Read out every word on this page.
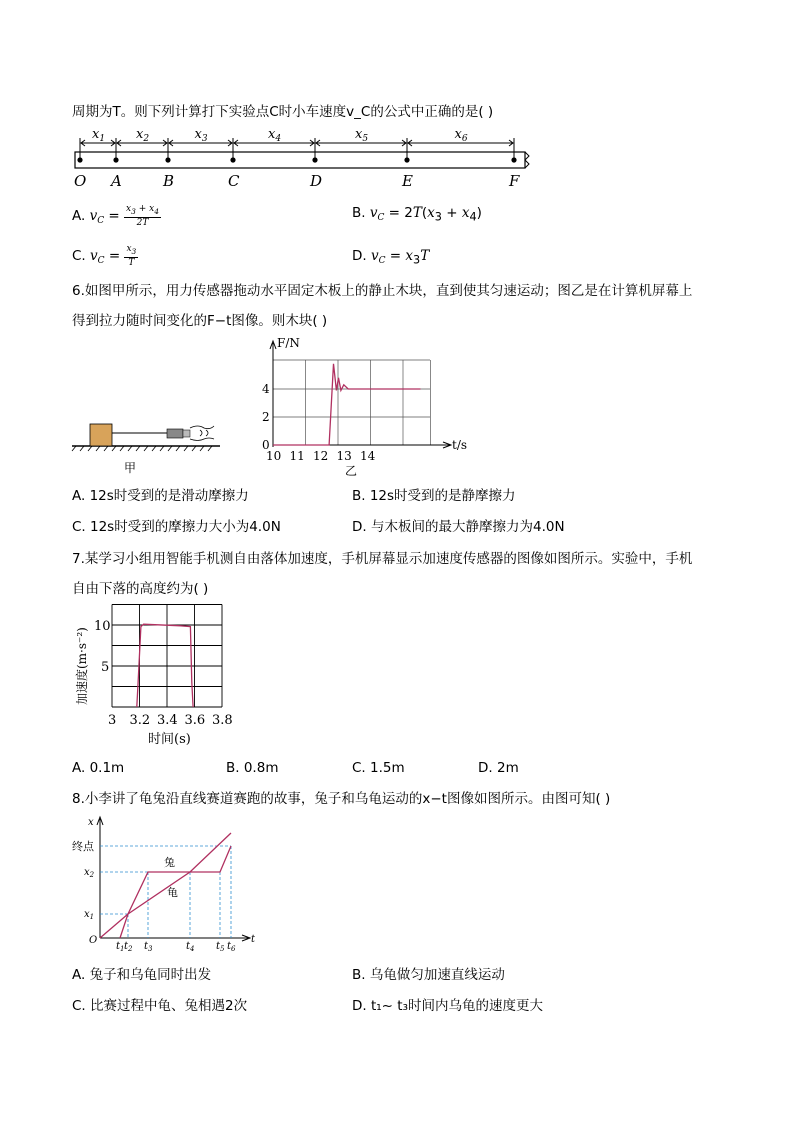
周期为T。则下列计算打下实验点C时小车速度v_C的公式中正确的是( )
O A	B	C	D	E	F
$x_1$ $x_2$	$x_3$	$x_4$	$x_5$	$x_6$
A. $v_C = \frac{x_3 + x_4}{2T}$	B. $v_C = 2T(x_3 + x_4)$
C. $v_C = \frac{x_3}{T}$	D. $v_C = x_3T$
6.如图甲所示，用力传感器拖动水平固定木板上的静止木块，直到使其匀速运动；图乙是在计算机屏幕上
得到拉力随时间变化的F−t图像。则木块( )
甲
F/N
t/s
10 11 12 13 14
0
2
4
乙
A. 12s时受到的是滑动摩擦力	B. 12s时受到的是静摩擦力
C. 12s时受到的摩擦力大小为4.0N	D. 与木板间的最大静摩擦力为4.0N
7.某学习小组用智能手机测自由落体加速度，手机屏幕显示加速度传感器的图像如图所示。实验中，手机
自由下落的高度约为( )
5
10
3 3.2 3.4 3.6 3.8
时间(s)
加速度(m·s⁻²)
A. 0.1m	B. 0.8m	C. 1.5m	D. 2m
8.小李讲了龟兔沿直线赛道赛跑的故事，兔子和乌龟运动的x−t图像如图所示。由图可知( )
x
t
$x_1$
$x_2$
终点
O
$t_1$ $t_2$ $t_3$	$t_4$ $t_5$ $t_6$
兔
龟
A. 兔子和乌龟同时出发	B. 乌龟做匀加速直线运动
C. 比赛过程中龟、兔相遇2次	D. t₁~ t₃时间内乌龟的速度更大
